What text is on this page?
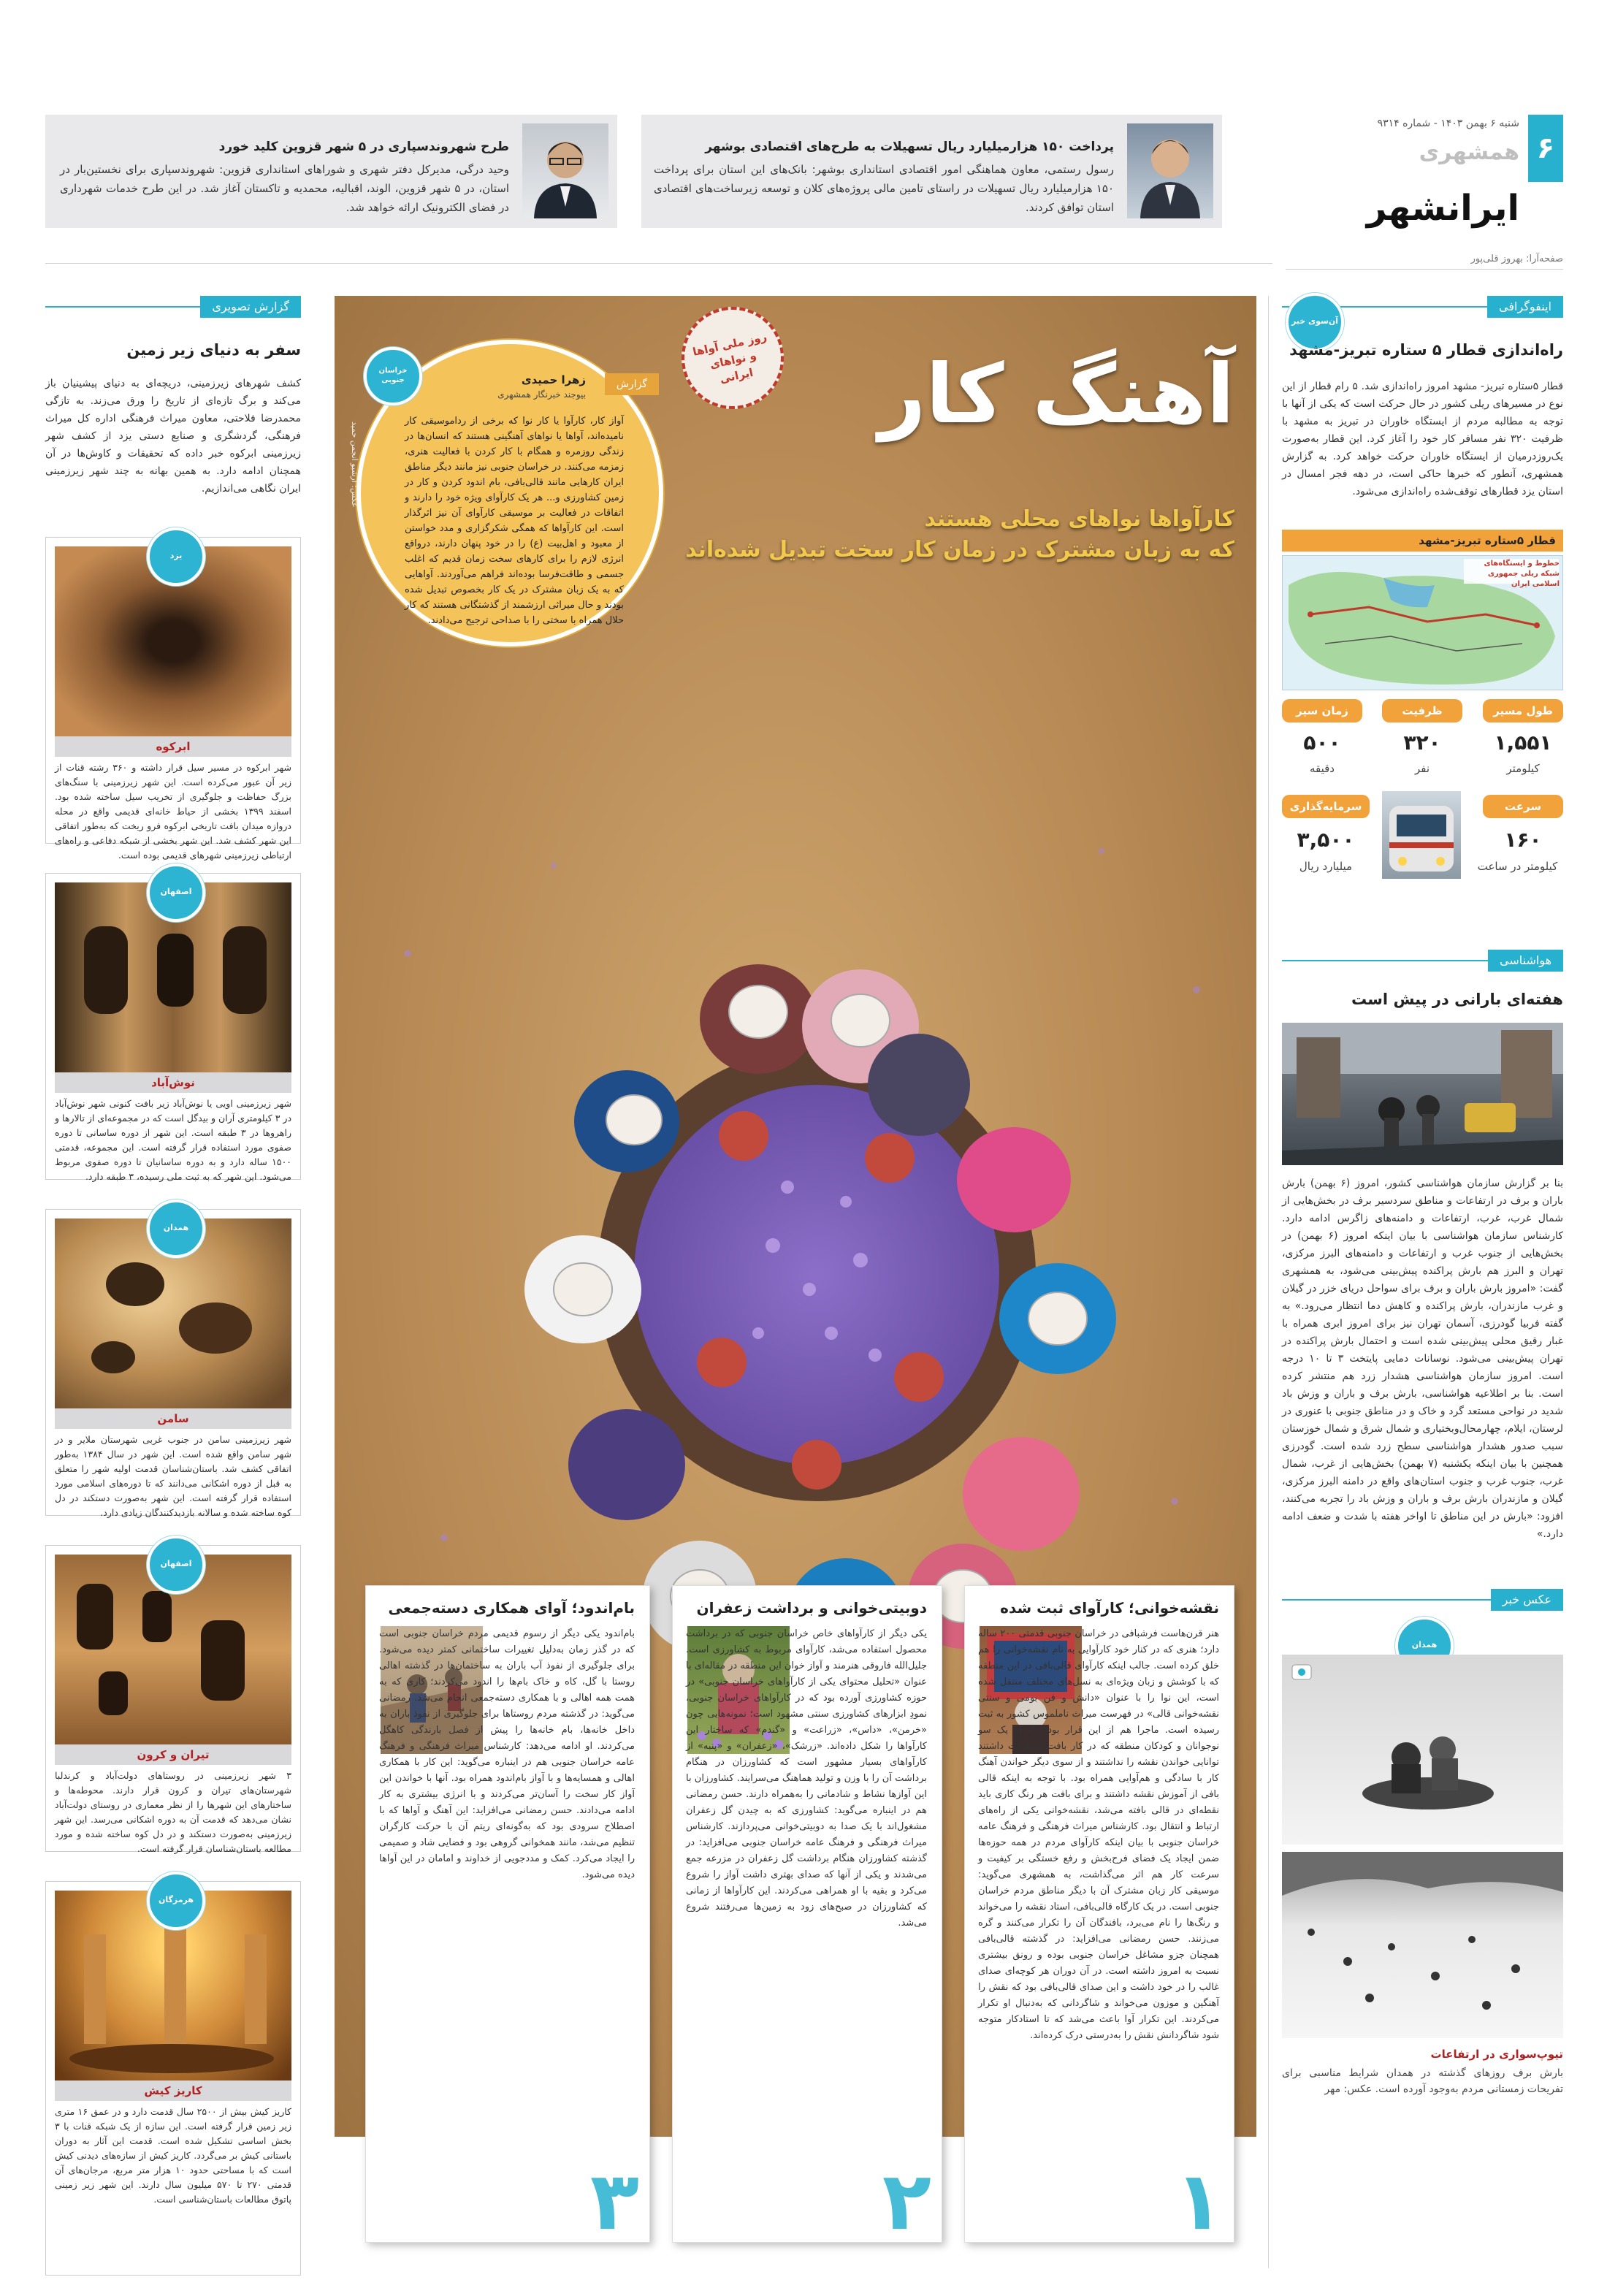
پرداخت ۱۵۰ هزارمیلیارد ریال تسهیلات به طرح‌های اقتصادی بوشهر
رسول رستمی، معاون هماهنگی امور اقتصادی استانداری بوشهر: بانک‌های این استان برای پرداخت ۱۵۰ هزارمیلیارد ریال تسهیلات در راستای تامین مالی پروژه‌های کلان و توسعه زیرساخت‌های اقتصادی استان توافق کردند.
طرح شهروندسپاری در ۵ شهر قزوین کلید خورد
وحید درگی، مدیرکل دفتر شهری و شوراهای استانداری قزوین: شهروندسپاری برای نخستین‌بار در استان، در ۵ شهر قزوین، الوند، اقبالیه، محمدیه و تاکستان آغاز شد. در این طرح خدمات شهرداری در فضای الکترونیک ارائه خواهد شد.
۶
شنبه ۶ بهمن ۱۴۰۳ - شماره ۹۳۱۴
همشهری
ایرانشهر
صفحه‌آرا: بهروز قلی‌پور
اینفوگرافی
آن‌سوی خبر
راه‌اندازی قطار ۵ ستاره تبریز-مشهد
قطار ۵ستاره تبریز- مشهد امروز راه‌اندازی شد. ۵ رام قطار از این نوع در مسیرهای ریلی کشور در حال حرکت است که یکی از آنها با توجه به مطالبه مردم از ایستگاه خاوران در تبریز به مشهد با ظرفیت ۳۲۰ نفر مسافر کار خود را آغاز کرد. این قطار به‌صورت یک‌روز‌درمیان از ایستگاه خاوران حرکت خواهد کرد. به گزارش همشهری، آنطور که خبرها حاکی است، در دهه فجر امسال در استان یزد قطارهای توقف‌شده راه‌اندازی می‌شود.
قطار ۵ستاره تبریز-مشهد
خطوط و ایستگاه‌های شبکه ریلی جمهوری اسلامی ایران
طول مسیر
ظرفیت
زمان سیر
۱,۵۵۱
۳۲۰
۵۰۰
کیلومتر
نفر
دقیقه
سرعت
سرمایه‌گذاری
۱۶۰
۳,۵۰۰
کیلومتر در ساعت
میلیارد ریال
هواشناسی
هفته‌ای بارانی در پیش است
بنا بر گزارش سازمان هواشناسی کشور، امروز (۶ بهمن) بارش باران و برف در ارتفاعات و مناطق سردسیر برف در بخش‌هایی از شمال غرب، غرب، ارتفاعات و دامنه‌های زاگرس ادامه دارد. کارشناس سازمان هواشناسی با بیان اینکه امروز (۶ بهمن) در بخش‌هایی از جنوب غرب و ارتفاعات و دامنه‌های البرز مرکزی، تهران و البرز هم بارش پراکنده پیش‌بینی می‌شود، به همشهری گفت: «امروز بارش باران و برف برای سواحل دریای خزر در گیلان و غرب مازندران، بارش پراکنده و کاهش دما انتظار می‌رود.» به گفته فربیا گودرزی، آسمان تهران نیز برای امروز ابری همراه با غبار رقیق محلی پیش‌بینی شده است و احتمال بارش پراکنده در تهران پیش‌بینی می‌شود. نوسانات دمایی پایتخت ۳ تا ۱۰ درجه است. امروز سازمان هواشناسی هشدار زرد هم منتشر کرده است. بنا بر اطلاعیه هواشناسی، بارش برف و باران و وزش باد شدید در نواحی مستعد گرد و خاک و در مناطق جنوبی با عنوری در لرستان، ایلام، چهارمحال‌و‌بختیاری و شمال شرق و شمال خوزستان سبب صدور هشدار هواشناسی سطح زرد شده است. گودرزی همچنین با بیان اینکه یکشنبه (۷ بهمن) بخش‌هایی از غرب، شمال غرب، جنوب غرب و جنوب استان‌های واقع در دامنه البرز مرکزی، گیلان و مازندران بارش برف و باران و وزش باد را تجربه می‌کنند، افزود: «بارش در این مناطق تا اواخر هفته با شدت و ضعف ادامه دارد.»
عکس خبر
همدان
تیوپ‌سواری در ارتفاعات
بارش برف روزهای گذشته در همدان شرایط مناسبی برای تفریحات زمستانی مردم به‌وجود آورده است. عکس: مهر
روز ملی آواها و نواهای ایرانی	آهنگ کار
کارآواها نواهای محلی هستند
که به زبان مشترک در زمان کار سخت تبدیل شده‌اند
گزارش
زهرا حمیدی
بیوجند خبرنگار همشهری
آواز کار، کارآوا یا کار نوا که برخی از رداموسیقی کار نامیده‌اند، آواها یا نواهای آهنگینی هستند که انسان‌ها در زندگی روزمره و همگام با کار کردن با فعالیت هنری، زمزمه می‌کنند. در خراسان جنوبی نیز مانند دیگر مناطق ایران کارهایی مانند قالی‌بافی، بام اندود کردن و کار در زمین کشاورزی و... هر یک کارآوای ویژه خود را دارند و اتفاقات در فعالیت بر موسیقی کارآوای آن نیز اثرگذار است. این کارآواها که همگی شکرگزاری و مدد خواستن از معبود و اهل‌بیت (ع) را در خود پنهان دارند، درواقع انرژی لازم را برای کارهای سخت زمان قدیم که اغلب جسمی و طاقت‌فرسا بوده‌اند فراهم می‌آوردند. آواهایی که به یک زبان مشترک در یک کار بخصوص تبدیل شده بودند و حال میراثی ارزشمند از گذشتگانی هستند که کار حلال همراه با سختی را با صداحی ترجیح می‌دادند.
خراسان جنوبی
عکس: آرشیو انجمن حمید
نقشه‌خوانی؛ کارآوای ثبت شده
هنر قرن‌هاست فرشبافی در خراسان جنوبی قدمتی ۲۰۰ ساله دارد؛ هنری که در کنار خود کارآوایی به نام نقشه‌خوانی را هم خلق کرده است. جالب اینکه کارآوای قالی‌بافی در این منطقه که با کوشش و زبان ویژه‌ای به نسل‌های مختلف منتقل شده است، این نوا را با عنوان «دانش و فن بومی و سنتی نقشه‌خوانی قالی» در فهرست میراث ناملموس کشور به ثبت رسیده است. ماجرا هم از این قرار بوده که از یک سو نوجوانان و کودکان منطقه که در کار بافت مشارکت داشتند توانایی خواندن نقشه را نداشتند و از سوی دیگر خواندن آهنگ کار با سادگی و هم‌آوایی همراه بود. با توجه به اینکه قالی بافی از آموزش نقشه داشتند و برای بافت هر رنگ کاری باید نقطه‌ای در قالی بافته می‌شد، نقشه‌خوانی یکی از راه‌های ارتباط و انتقال بود. کارشناس میراث فرهنگی و فرهنگ عامه خراسان جنوبی با بیان اینکه کارآوای مردم در همه حوزه‌ها ضمن ایجاد یک فضای فرح‌بخش و رفع خستگی بر کیفیت و سرعت کار هم اثر می‌گذاشت، به همشهری می‌گوید: موسیقی کار زبان مشترک آن با دیگر مناطق مردم خراسان جنوبی است. در یک کارگاه قالی‌بافی، استاد نقشه را می‌خواند و رنگ‌ها را نام می‌برد، بافندگان آن را تکرار می‌کنند و گره می‌زنند. حسن رمضانی می‌افزاید: در گذشته قالی‌بافی همچنان جزو مشاغل خراسان جنوبی بوده و رونق بیشتری نسبت به امروز داشته است. در آن دوران هر کوچه‌ای صدای غالب را در خود داشت و این صدای قالی‌بافی بود که نقش را آهنگین و موزون می‌خواند و شاگردانی که به‌دنبال او تکرار می‌کردند. این تکرار آوا باعث می‌شد که تا استادکار متوجه شود شاگردانش نقش را به‌درستی درک کرده‌اند.
۱
دوبیتی‌خوانی و برداشت زعفران
یکی دیگر از کارآواهای خاص خراسان جنوبی که در برداشت محصول استفاده می‌شد، کارآوای مربوط به کشاورزی است. جلیل‌الله فاروقی هنرمند و آواز خوان این منطقه در مقاله‌ای با عنوان «تحلیل محتوای یکی از کارآواهای خراسان جنوبی» در حوزه کشاورزی آورده بود که در کارآواهای خراسان جنوبی، نمودِ ابزارهای کشاورزی سنتی مشهود است؛ نمونه‌هایی چون «خرمن»، «داس»، «زراعت» و «گندم» که ساختار این کارآواها را شکل داده‌اند. «زرشک»، «زعفران» و «پنبه» از کارآواهای بسیار مشهور است که کشاورزان در هنگام برداشت آن را با وزن و تولید هماهنگ می‌سرایند. کشاورزان با این آوازها نشاط و شادمانی را به‌همراه دارند. حسن رمضانی هم در اینباره می‌گوید: کشاورزی که به چیدن گل زعفران مشغول‌اند با یک صدا به دوبیتی‌خوانی می‌پردازند. کارشناس میراث فرهنگی و فرهنگ عامه خراسان جنوبی می‌افزاید: در گذشته کشاورزان هنگام برداشت گل زعفران در مزرعه جمع می‌شدند و یکی از آنها که صدای بهتری داشت آواز را شروع می‌کرد و بقیه با او همراهی می‌کردند. این کارآواها از زمانی که کشاورزان در صبح‌های زود به زمین‌ها می‌رفتند شروع می‌شد.
۲
بام‌اندود؛ آوای همکاری دسته‌جمعی
بام‌اندود یکی دیگر از رسوم قدیمی مردم خراسان جنوبی است که در گذر زمان به‌دلیل تغییرات ساختمانی کمتر دیده می‌شود. برای جلوگیری از نفوذ آب باران به ساختمان‌ها در گذشته اهالی روستا با گل، کاه و خاک بام‌ها را اندود می‌کردند؛ کاری که به همت همه اهالی و با همکاری دسته‌جمعی انجام می‌شد. رمضانی می‌گوید: در گذشته مردم روستاها برای جلوگیری از نفوذ باران به داخل خانه‌ها، بام خانه‌ها را پیش از فصل بارندگی کاهگل می‌کردند. او ادامه می‌دهد: کارشناس میراث فرهنگی و فرهنگ عامه خراسان جنوبی هم در اینباره می‌گوید: این کار با همکاری اهالی و همسایه‌ها و با آواز بام‌اندود همراه بود. آنها با خواندن این آواز کار سخت را آسان‌تر می‌کردند و با انرژی بیشتری به کار ادامه می‌دادند. حسن رمضانی می‌افزاید: این آهنگ و آواها که با اصطلاح سرودی بود که به‌گونه‌ای ریتم آن با حرکت کارگران تنظیم می‌شد، مانند همخوانی گروهی بود و فضایی شاد و صمیمی را ایجاد می‌کرد. کمک و مددجویی از خداوند و امامان در این آواها دیده می‌شود.
۳
گزارش تصویری
سفر به دنیای زیر زمین
کشف شهرهای زیرزمینی، دریچه‌ای به دنیای پیشینیان باز می‌کند و برگ تازه‌ای از تاریخ را ورق می‌زند. به تازگی محمدرضا فلاحتی، معاون میراث فرهنگی اداره کل میراث فرهنگی، گردشگری و صنایع دستی یزد از کشف شهر زیرزمینی ابرکوه خبر داده که تحقیقات و کاوش‌ها در آن همچنان ادامه دارد. به همین بهانه به چند شهر زیرزمینی ایران نگاهی می‌اندازیم.
یزد
ابرکوه
شهر ابرکوه در مسیر سیل قرار داشته و ۳۶۰ رشته قنات از زیر آن عبور می‌کرده است. این شهر زیرزمینی با سنگ‌های بزرگ حفاظت و جلوگیری از تخریب سیل ساخته شده بود. اسفند ۱۳۹۹ بخشی از حیاط خانه‌ای قدیمی واقع در محله دروازه میدان بافت تاریخی ابرکوه فرو ریخت که به‌طور اتفاقی این شهر کشف شد. این شهر بخشی از شبکه دفاعی و راه‌های ارتباطی زیرزمینی شهرهای قدیمی بوده است.
اصفهان
نوش‌آباد
شهر زیرزمینی اویی یا نوش‌آباد زیر بافت کنونی شهر نوش‌آباد در ۳ کیلومتری آران و بیدگل است که در مجموعه‌ای از تالارها و راهروها در ۳ طبقه است. این شهر از دوره ساسانی تا دوره صفوی مورد استفاده قرار گرفته است. این مجموعه، قدمتی ۱۵۰۰ ساله دارد و به دوره ساسانیان تا دوره صفوی مربوط می‌شود. این شهر که به ثبت ملی رسیده، ۳ طبقه دارد.
همدان
سامن
شهر زیرزمینی سامن در جنوب غربی شهرستان ملایر و در شهر سامن واقع شده است. این شهر در سال ۱۳۸۴ به‌طور اتفاقی کشف شد. باستان‌شناسان قدمت اولیه شهر را متعلق به قبل از دوره اشکانی می‌دانند که تا دوره‌های اسلامی مورد استفاده قرار گرفته است. این شهر به‌صورت دستکند در دل کوه ساخته شده و سالانه بازدیدکنندگان زیادی دارد.
اصفهان
تیران و کرون
۳ شهر زیرزمینی در روستاهای دولت‌آباد و کرندلبا شهرستان‌های تیران و کرون قرار دارند. محوطه‌ها و ساختارهای این شهرها را از نظر معماری در روستای دولت‌آباد نشان می‌دهد که قدمت آن به دوره اشکانی می‌رسد. این شهر زیرزمینی به‌صورت دستکند و در دل کوه ساخته شده و مورد مطالعه باستان‌شناسان قرار گرفته است.
هرمزگان
کاریز کیش
کاریز کیش بیش از ۲۵۰۰ سال قدمت دارد و در عمق ۱۶ متری زیر زمین قرار گرفته است. این سازه از یک شبکه قنات با ۳ بخش اساسی تشکیل شده است. قدمت این آثار به دوران باستانی کیش بر می‌گردد. کاریز کیش از سازه‌های دیدنی کیش است که با مساحتی حدود ۱۰ هزار متر مربع، مرجان‌های آن قدمتی ۲۷۰ تا ۵۷۰ میلیون سال دارند. این شهر زیر زمینی پاتوق مطالعات باستان‌شناسی است.
